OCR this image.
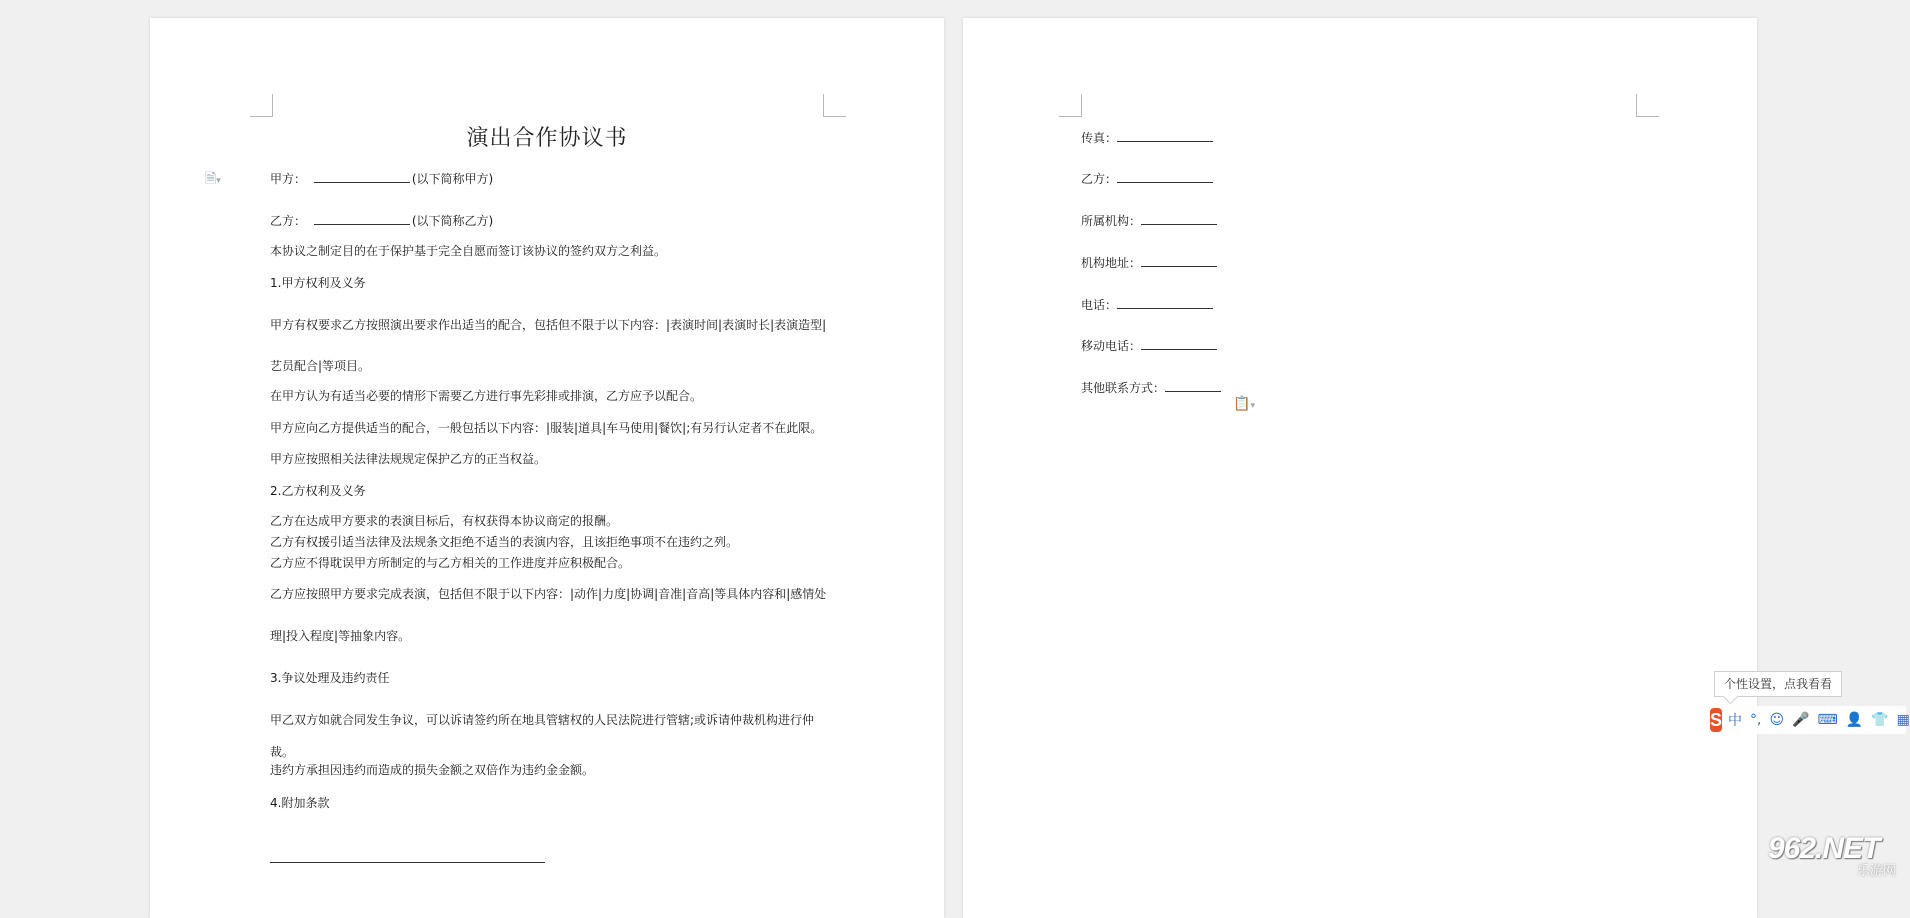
🗎▾
演出合作协议书
甲方：	(以下简称甲方)
乙方：	(以下简称乙方)
本协议之制定目的在于保护基于完全自愿而签订该协议的签约双方之利益。
1.甲方权利及义务
甲方有权要求乙方按照演出要求作出适当的配合，包括但不限于以下内容：|表演时间|表演时长|表演造型|
艺员配合|等项目。
在甲方认为有适当必要的情形下需要乙方进行事先彩排或排演，乙方应予以配合。
甲方应向乙方提供适当的配合，一般包括以下内容：|服装|道具|车马使用|餐饮|;有另行认定者不在此限。
甲方应按照相关法律法规规定保护乙方的正当权益。
2.乙方权利及义务
乙方在达成甲方要求的表演目标后，有权获得本协议商定的报酬。
乙方有权援引适当法律及法规条文拒绝不适当的表演内容，且该拒绝事项不在违约之列。
乙方应不得耽误甲方所制定的与乙方相关的工作进度并应积极配合。
乙方应按照甲方要求完成表演，包括但不限于以下内容：|动作|力度|协调|音准|音高|等具体内容和|感情处
理|投入程度|等抽象内容。
3.争议处理及违约责任
甲乙双方如就合同发生争议，可以诉请签约所在地具管辖权的人民法院进行管辖;或诉请仲裁机构进行仲
裁。
违约方承担因违约而造成的损失金额之双倍作为违约金金额。
4.附加条款
传真：
乙方：
所属机构：
机构地址：
电话：
移动电话：
其他联系方式：
📋▾
个性设置，点我看看
S 中 °, ☺ 🎤 ⌨ 👤 👕 ▦
962.NET
乐游网
